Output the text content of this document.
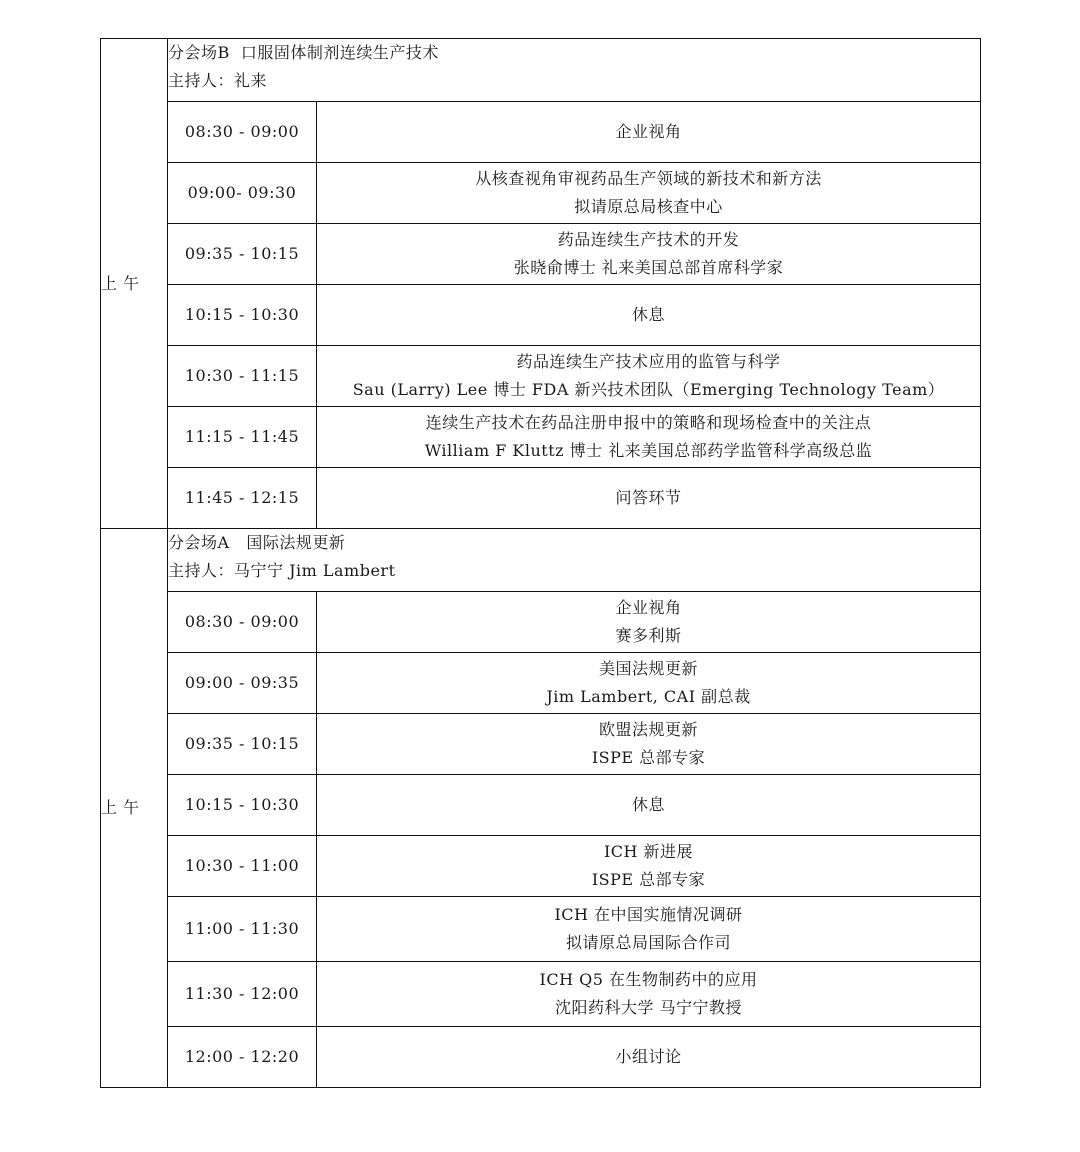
上 午	分会场B  口服固体制剂连续生产技术
主持人：礼来	

	08:30 - 09:00	企业视角

	09:00- 09:30	从核查视角审视药品生产领域的新技术和新方法
拟请原总局核查中心

	09:35 - 10:15	药品连续生产技术的开发
张晓俞博士 礼来美国总部首席科学家

	10:15 - 10:30	休息

	10:30 - 11:15	药品连续生产技术应用的监管与科学
Sau (Larry) Lee 博士 FDA 新兴技术团队（Emerging Technology Team）

	11:15 - 11:45	连续生产技术在药品注册申报中的策略和现场检查中的关注点
William F Kluttz 博士 礼来美国总部药学监管科学高级总监

	11:45 - 12:15	问答环节

上 午	分会场A   国际法规更新
主持人：马宁宁 Jim Lambert	

	08:30 - 09:00	企业视角
赛多利斯

	09:00 - 09:35	美国法规更新
Jim Lambert, CAI 副总裁

	09:35 - 10:15	欧盟法规更新
ISPE 总部专家

	10:15 - 10:30	休息

	10:30 - 11:00	ICH 新进展
ISPE 总部专家

	11:00 - 11:30	ICH 在中国实施情况调研
拟请原总局国际合作司

	11:30 - 12:00	ICH Q5 在生物制药中的应用
沈阳药科大学 马宁宁教授

	12:00 - 12:20	小组讨论
